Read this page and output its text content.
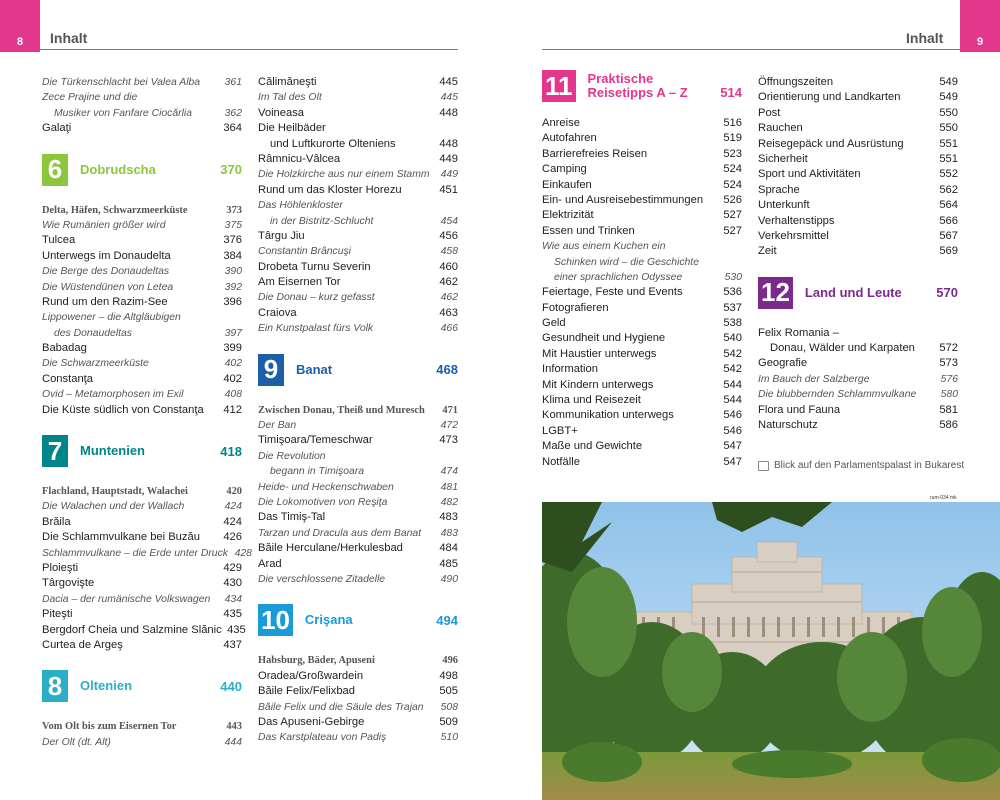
8 Inhalt	9
Inhalt
Die Türkenschlacht bei Valea Alba	361
Zece Prajine und die
Musiker von Fanfare Ciocărlia	362
Galaţi	364
6	Dobrudscha	370
Delta, Häfen, Schwarzmeerküste	373
Wie Rumänien größer wird	375
Tulcea	376
Unterwegs im Donaudelta	384
Die Berge des Donaudeltas	390
Die Wüstendünen von Letea	392
Rund um den Razim-See	396
Lippowener – die Altgläubigen
des Donaudeltas	397
Babadag	399
Die Schwarzmeerküste	402
Constanţa	402
Ovid – Metamorphosen im Exil	408
Die Küste südlich von Constanţa	412
7	Muntenien	418
Flachland, Hauptstadt, Walachei	420
Die Walachen und der Wallach	424
Brăila	424
Die Schlammvulkane bei Buzău	426
Schlammvulkane – die Erde unter Druck 428
Ploieşti	429
Târgovişte	430
Dacia – der rumänische Volkswagen	434
Piteşti	435
Bergdorf Cheia und Salzmine Slănic 435
Curtea de Argeş	437
8	Oltenien	440
Vom Olt bis zum Eisernen Tor	443
Der Olt (dt. Alt)	444
Călimăneşti	445
Im Tal des Olt	445
Voineasa	448
Die Heilbäder
und Luftkurorte Olteniens	448
Râmnicu-Vâlcea	449
Die Holzkirche aus nur einem Stamm	449
Rund um das Kloster Horezu	451
Das Höhlenkloster
in der Bistritz-Schlucht	454
Târgu Jiu	456
Constantin Brâncuşi	458
Drobeta Turnu Severin	460
Am Eisernen Tor	462
Die Donau – kurz gefasst	462
Craiova	463
Ein Kunstpalast fürs Volk	466
9	Banat	468
Zwischen Donau, Theiß und Muresch	471
Der Ban	472
Timişoara/Temeschwar	473
Die Revolution
begann in Timişoara	474
Heide- und Heckenschwaben	481
Die Lokomotiven von Reşiţa	482
Das Timiş-Tal	483
Tarzan und Dracula aus dem Banat	483
Băile Herculane/Herkulesbad	484
Arad	485
Die verschlossene Zitadelle	490
10 Crişana	494
Habsburg, Bäder, Apuseni	496
Oradea/Großwardein	498
Băile Felix/Felixbad	505
Băile Felix und die Säule des Trajan	508
Das Apuseni-Gebirge	509
Das Karstplateau von Padiş	510
11 Praktische
Reisetipps A – Z	514
Anreise	516
Autofahren	519
Barrierefreies Reisen	523
Camping	524
Einkaufen	524
Ein- und Ausreisebestimmungen	526
Elektrizität	527
Essen und Trinken	527
Wie aus einem Kuchen ein
Schinken wird – die Geschichte
einer sprachlichen Odyssee	530
Feiertage, Feste und Events	536
Fotografieren	537
Geld	538
Gesundheit und Hygiene	540
Mit Haustier unterwegs	542
Information	542
Mit Kindern unterwegs	544
Klima und Reisezeit	544
Kommunikation unterwegs	546
LGBT+	546
Maße und Gewichte	547
Notfälle	547
Öffnungszeiten	549
Orientierung und Landkarten	549
Post	550
Rauchen	550
Reisegepäck und Ausrüstung	551
Sicherheit	551
Sport und Aktivitäten	552
Sprache	562
Unterkunft	564
Verhaltenstipps	566
Verkehrsmittel	567
Zeit	569
12 Land und Leute	570
Felix Romania –
Donau, Wälder und Karpaten	572
Geografie	573
Im Bauch der Salzberge	576
Die blubbernden Schlammvulkane	580
Flora und Fauna	581
Naturschutz	586
Blick auf den Parlamentspalast in Bukarest
rum-034 mk
